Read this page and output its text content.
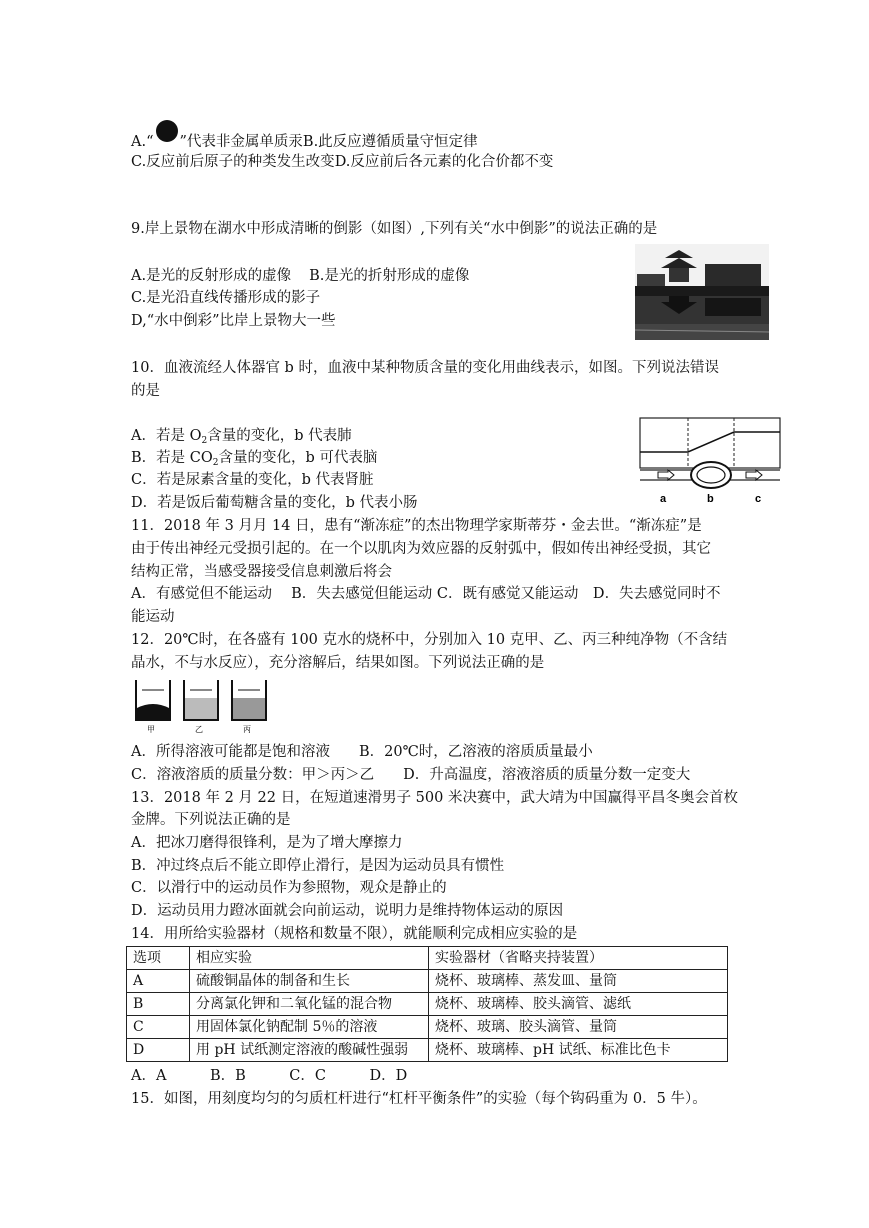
A.“ ”代表非金属单质汞B.此反应遵循质量守恒定律
C.反应前后原子的种类发生改变D.反应前后各元素的化合价都不变
9.岸上景物在湖水中形成清晰的倒影（如图）,下列有关“水中倒影”的说法正确的是
A.是光的反射形成的虚像 B.是光的折射形成的虚像
C.是光沿直线传播形成的影子
D,“水中倒彩”比岸上景物大一些
10．血液流经人体器官 b 时，血液中某种物质含量的变化用曲线表示，如图。下列说法错误
的是
A．若是 $O_2$含量的变化，b 代表肺
B．若是 $CO_2$含量的变化，b 可代表脑
C．若是尿素含量的变化，b 代表肾脏
D．若是饭后葡萄糖含量的变化，b 代表小肠	a	b	c
11．2018 年 3 月月 14 日，患有“渐冻症”的杰出物理学家斯蒂芬・金去世。“渐冻症”是
由于传出神经元受损引起的。在一个以肌肉为效应器的反射弧中，假如传出神经受损，其它
结构正常，当感受器接受信息刺激后将会
A．有感觉但不能运动　 B．失去感觉但能运动 C．既有感觉又能运动　D．失去感觉同时不
能运动
12．20℃时，在各盛有 100 克水的烧杯中，分别加入 10 克甲、乙、丙三种纯净物（不含结
晶水，不与水反应），充分溶解后，结果如图。下列说法正确的是
甲	乙	丙
A．所得溶液可能都是饱和溶液　　B．20℃时，乙溶液的溶质质量最小
C．溶液溶质的质量分数：甲＞丙＞乙　　D．升高温度，溶液溶质的质量分数一定变大
13．2018 年 2 月 22 日，在短道速滑男子 500 米决赛中，武大靖为中国赢得平昌冬奥会首枚
金牌。下列说法正确的是
A．把冰刀磨得很锋利，是为了增大摩擦力
B．冲过终点后不能立即停止滑行，是因为运动员具有惯性
C．以滑行中的运动员作为参照物，观众是静止的
D．运动员用力蹬冰面就会向前运动，说明力是维持物体运动的原因
14．用所给实验器材（规格和数量不限），就能顺利完成相应实验的是
选项	相应实验	实验器材（省略夹持装置）
A	硫酸铜晶体的制备和生长	烧杯、玻璃棒、蒸发皿、量筒
B	分离氯化钾和二氧化锰的混合物	烧杯、玻璃棒、胶头滴管、滤纸
C	用固体氯化钠配制 5％的溶液	烧杯、玻璃、胶头滴管、量筒
D	用 pH 试纸测定溶液的酸碱性强弱	烧杯、玻璃棒、pH 试纸、标准比色卡
A．A　　　B．B　　　C．C　　　D．D
15．如图，用刻度均匀的匀质杠杆进行“杠杆平衡条件”的实验（每个钩码重为 0．5 牛）。
